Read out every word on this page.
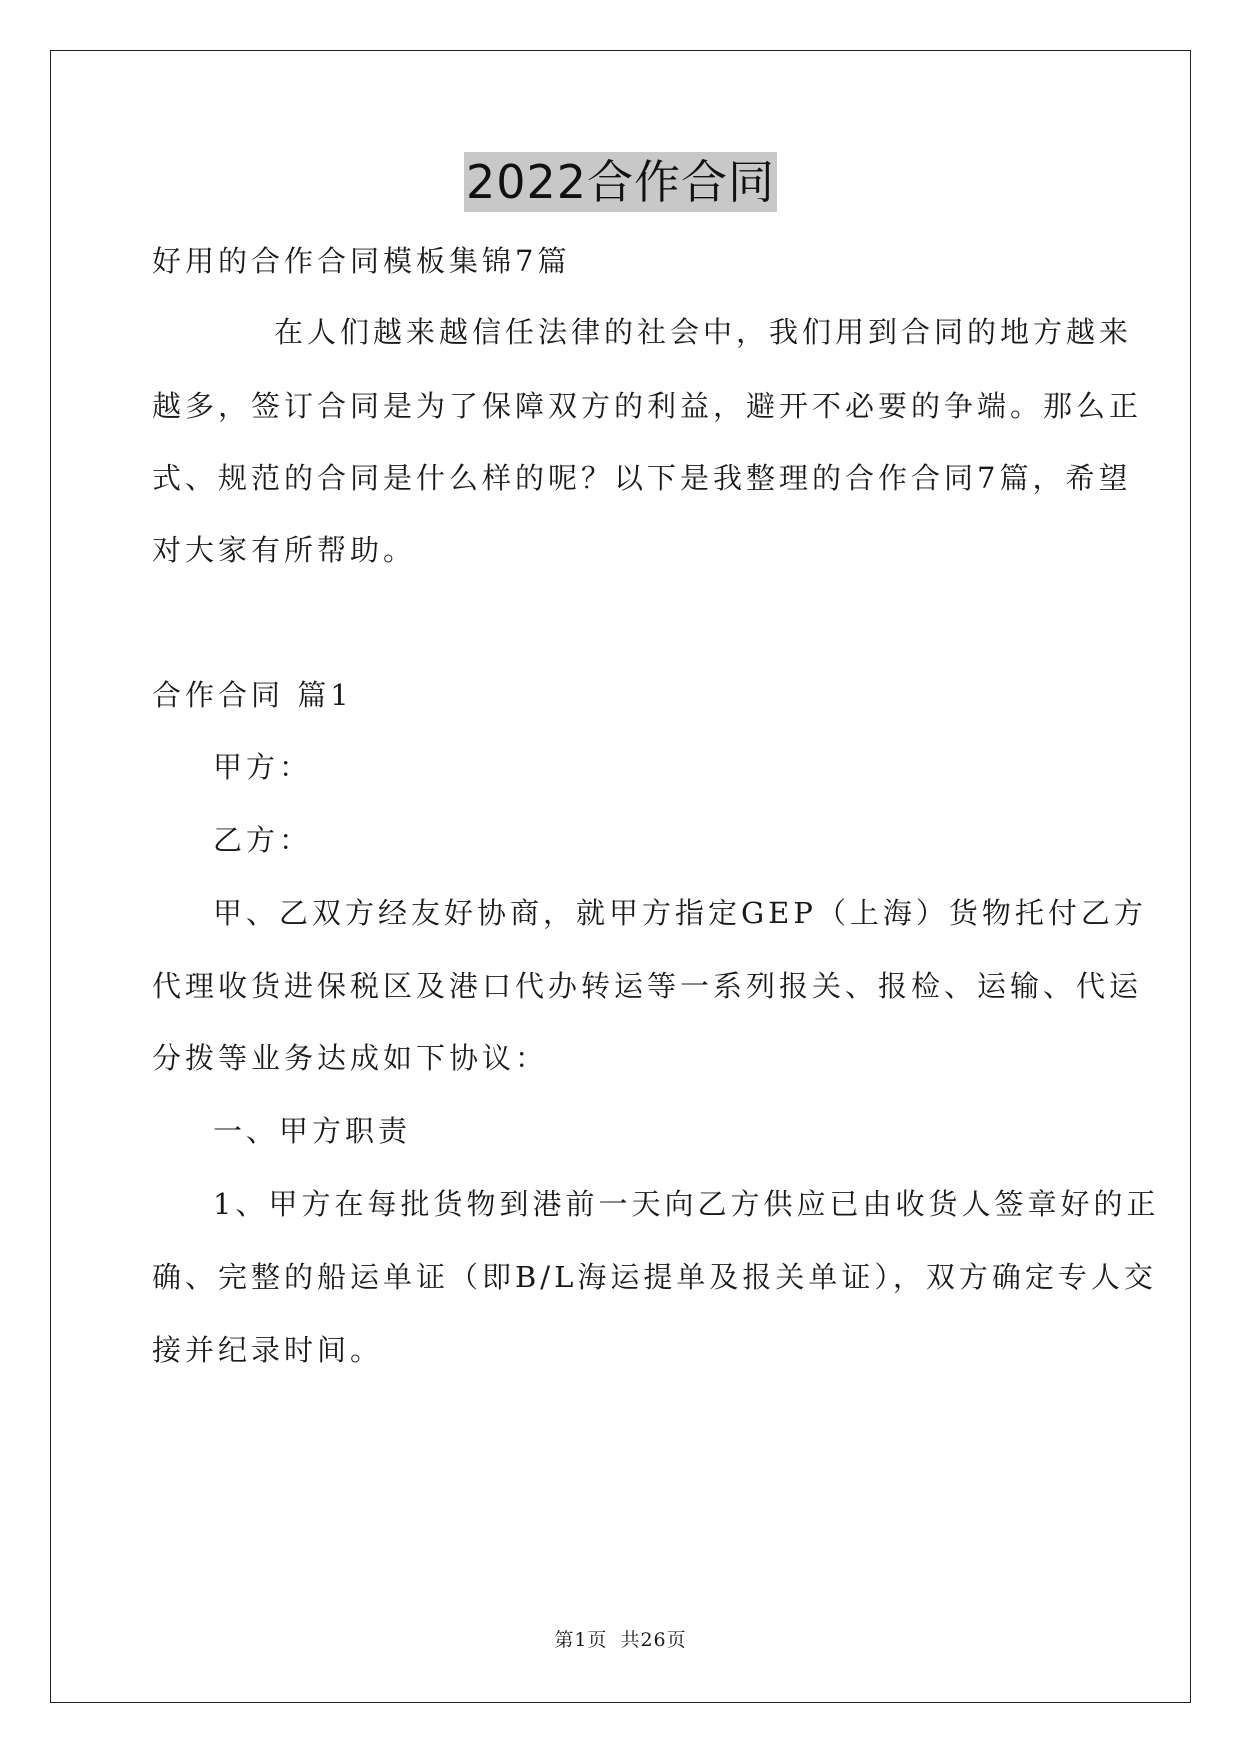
2022合作合同
好用的合作合同模板集锦7篇
在人们越来越信任法律的社会中，我们用到合同的地方越来
越多，签订合同是为了保障双方的利益，避开不必要的争端。那么正
式、规范的合同是什么样的呢？以下是我整理的合作合同7篇，希望
对大家有所帮助。
合作合同 篇1
甲方：
乙方：
甲、乙双方经友好协商，就甲方指定GEP（上海）货物托付乙方
代理收货进保税区及港口代办转运等一系列报关、报检、运输、代运
分拨等业务达成如下协议：
一、甲方职责
1、甲方在每批货物到港前一天向乙方供应已由收货人签章好的正
确、完整的船运单证（即B/L海运提单及报关单证），双方确定专人交
接并纪录时间。
第1页 共26页
